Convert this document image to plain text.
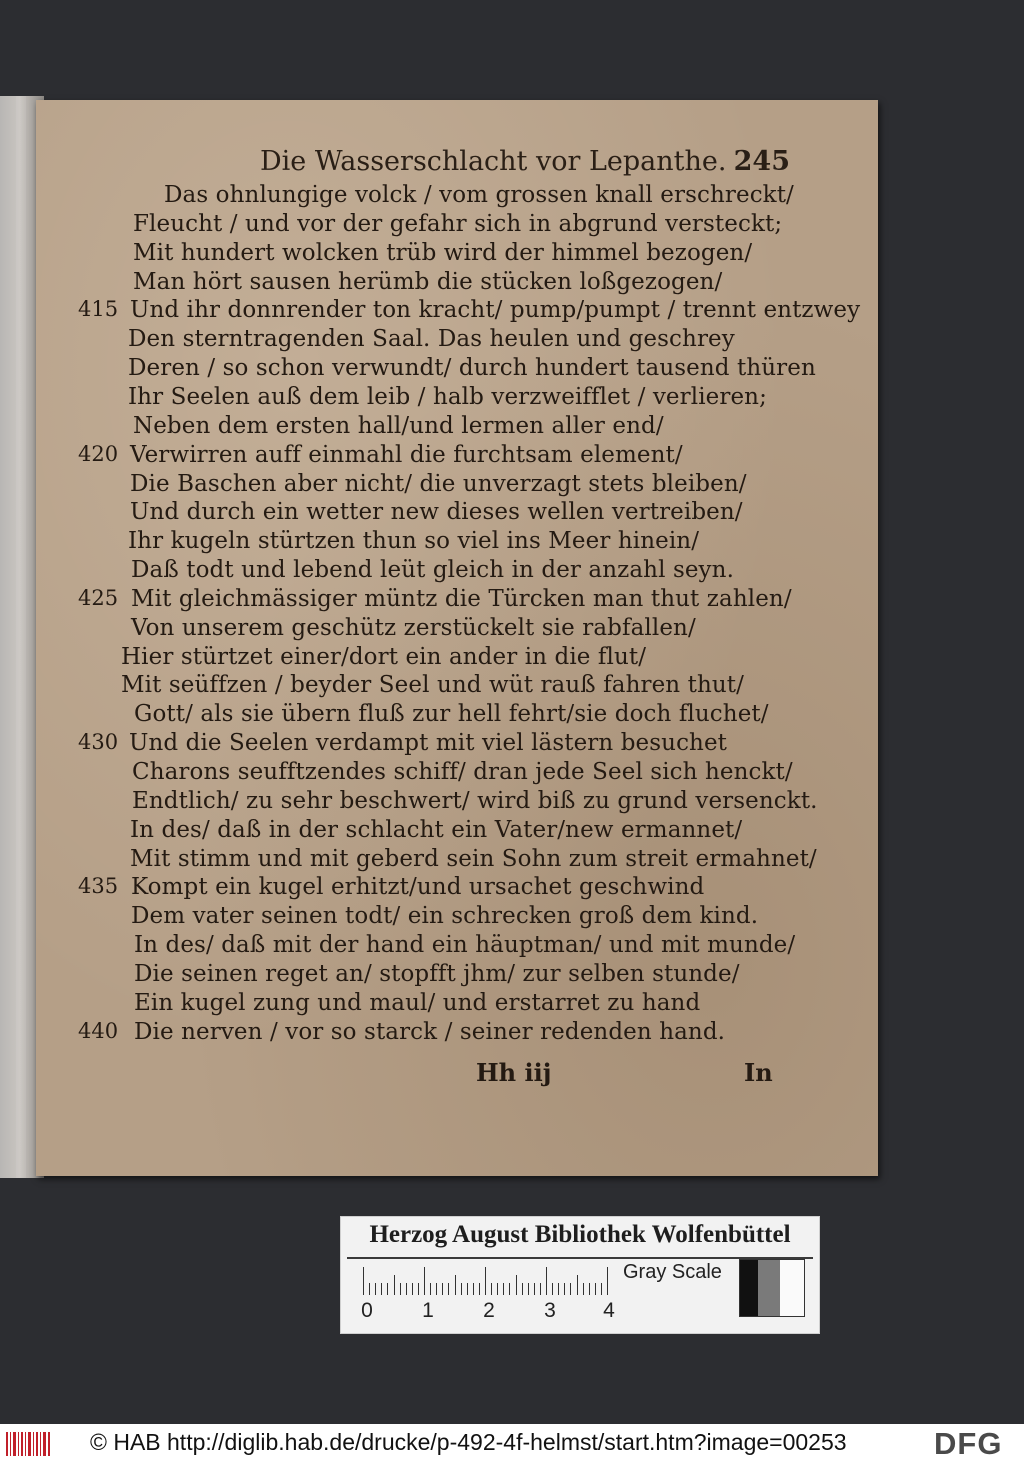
Die Wasserschlacht vor Lepanthe. 245
Das ohnlungige volck / vom grossen knall erschreckt/
Fleucht / und vor der gefahr sich in abgrund versteckt;
Mit hundert wolcken trüb wird der himmel bezogen/
Man hört sausen herümb die stücken loßgezogen/
Und ihr donnrender ton kracht/ pump/pumpt / trennt entzwey
415
Den sterntragenden Saal. Das heulen und geschrey
Deren / so schon verwundt/ durch hundert tausend thüren
Ihr Seelen auß dem leib / halb verzweifflet / verlieren;
Neben dem ersten hall/und lermen aller end/
Verwirren auff einmahl die furchtsam element/
420
Die Baschen aber nicht/ die unverzagt stets bleiben/
Und durch ein wetter new dieses wellen vertreiben/
Ihr kugeln stürtzen thun so viel ins Meer hinein/
Daß todt und lebend leüt gleich in der anzahl seyn.
Mit gleichmässiger müntz die Türcken man thut zahlen/
425
Von unserem geschütz zerstückelt sie rabfallen/
Hier stürtzet einer/dort ein ander in die flut/
Mit seüffzen / beyder Seel und wüt rauß fahren thut/
Gott/ als sie übern fluß zur hell fehrt/sie doch fluchet/
Und die Seelen verdampt mit viel lästern besuchet
430
Charons seufftzendes schiff/ dran jede Seel sich henckt/
Endtlich/ zu sehr beschwert/ wird biß zu grund versenckt.
In des/ daß in der schlacht ein Vater/new ermannet/
Mit stimm und mit geberd sein Sohn zum streit ermahnet/
Kompt ein kugel erhitzt/und ursachet geschwind
435
Dem vater seinen todt/ ein schrecken groß dem kind.
In des/ daß mit der hand ein häuptman/ und mit munde/
Die seinen reget an/ stopfft jhm/ zur selben stunde/
Ein kugel zung und maul/ und erstarret zu hand
Die nerven / vor so starck / seiner redenden hand.
440
Hh iij	In
Herzog August Bibliothek Wolfenbüttel
0 1 2 3 4
Gray Scale
© HAB http://diglib.hab.de/drucke/p-492-4f-helmst/start.htm?image=00253	DFG
